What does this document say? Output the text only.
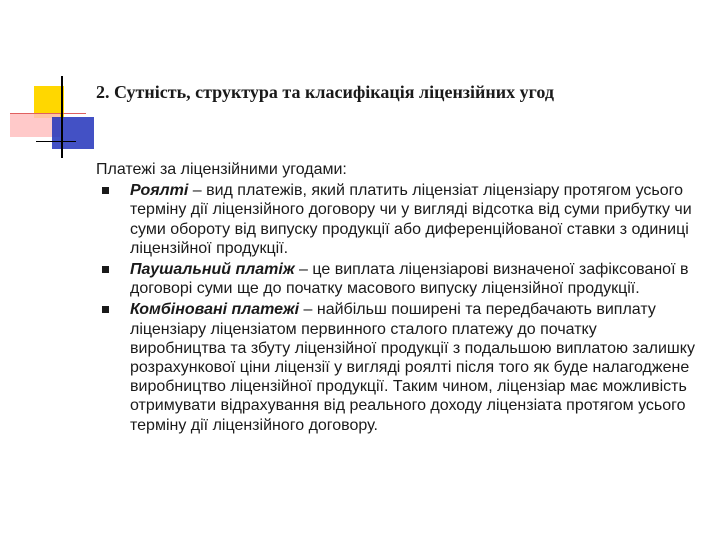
2. Сутність, структура та класифікація ліцензійних угод

Платежі за ліцензійними угодами:

Роялті – вид платежів, який платить ліцензіат ліцензіару протягом усього терміну дії ліцензійного договору чи у вигляді відсотка від суми прибутку чи суми обороту від випуску продукції або диференційованої ставки з одиниці ліцензійної продукції.
Паушальний платіж – це виплата ліцензіарові визначеної зафіксованої в договорі суми ще до початку масового випуску ліцензійної продукції.
Комбіновані платежі – найбільш поширені та передбачають виплату ліцензіару ліцензіатом первинного сталого платежу до початку виробництва та збуту ліцензійної продукції з подальшою виплатою залишку розрахункової ціни ліцензії у вигляді роялті після того як буде налагоджене виробництво ліцензійної продукції. Таким чином, ліцензіар має можливість отримувати відрахування від реального доходу ліцензіата протягом усього терміну дії ліцензійного договору.
